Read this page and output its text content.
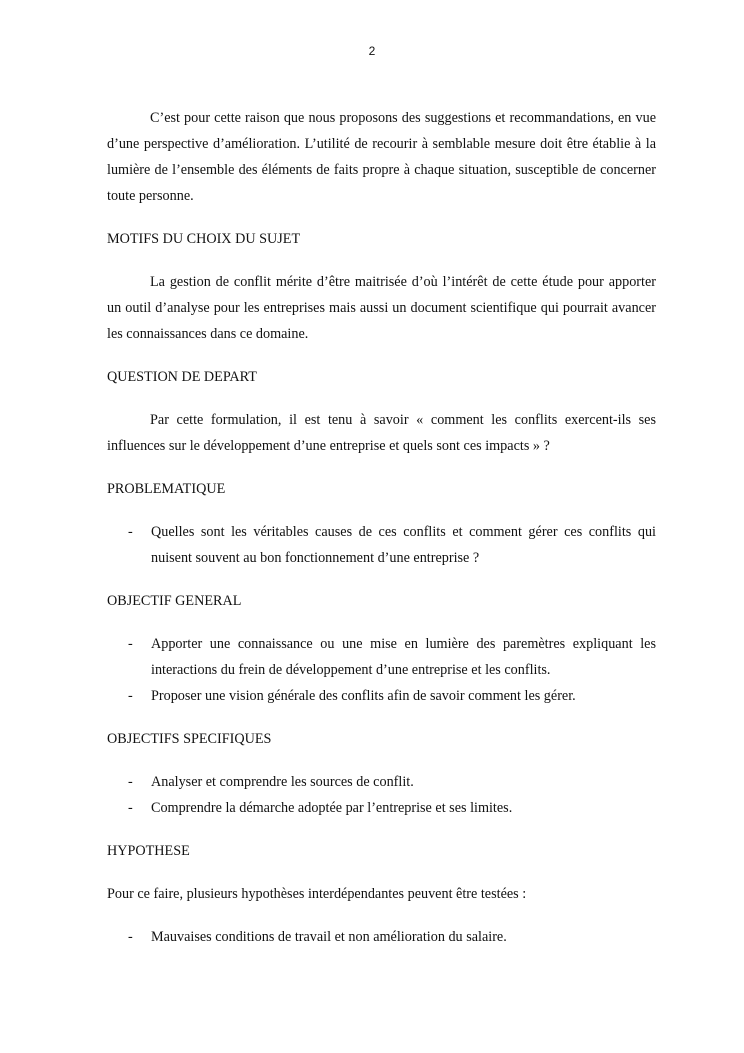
2

C’est pour cette raison que nous proposons des suggestions et recommandations, en vue d’une perspective d’amélioration. L’utilité de recourir à semblable mesure doit être établie à la lumière de l’ensemble des éléments de faits propre à chaque situation, susceptible de concerner toute personne.

MOTIFS DU CHOIX DU SUJET

La gestion de conflit mérite d’être maitrisée d’où l’intérêt de cette étude pour apporter un outil d’analyse pour les entreprises mais aussi un document scientifique qui pourrait avancer les connaissances dans ce domaine.

QUESTION DE DEPART

Par cette formulation, il est tenu à savoir « comment les conflits exercent-ils ses influences sur le développement d’une entreprise et quels sont ces impacts » ?

PROBLEMATIQUE
- Quelles sont les véritables causes de ces conflits et comment gérer ces conflits qui nuisent souvent au bon fonctionnement d’une entreprise ?
OBJECTIF GENERAL
- Apporter une connaissance ou une mise en lumière des paremètres expliquant les interactions du frein de développement d’une entreprise et les conflits.
- Proposer une vision générale des conflits afin de savoir comment les gérer.
OBJECTIFS SPECIFIQUES
- Analyser et comprendre les sources de conflit.
- Comprendre la démarche adoptée par l’entreprise et ses limites.
HYPOTHESE

Pour ce faire, plusieurs hypothèses interdépendantes peuvent être testées :

- Mauvaises conditions de travail et non amélioration du salaire.
